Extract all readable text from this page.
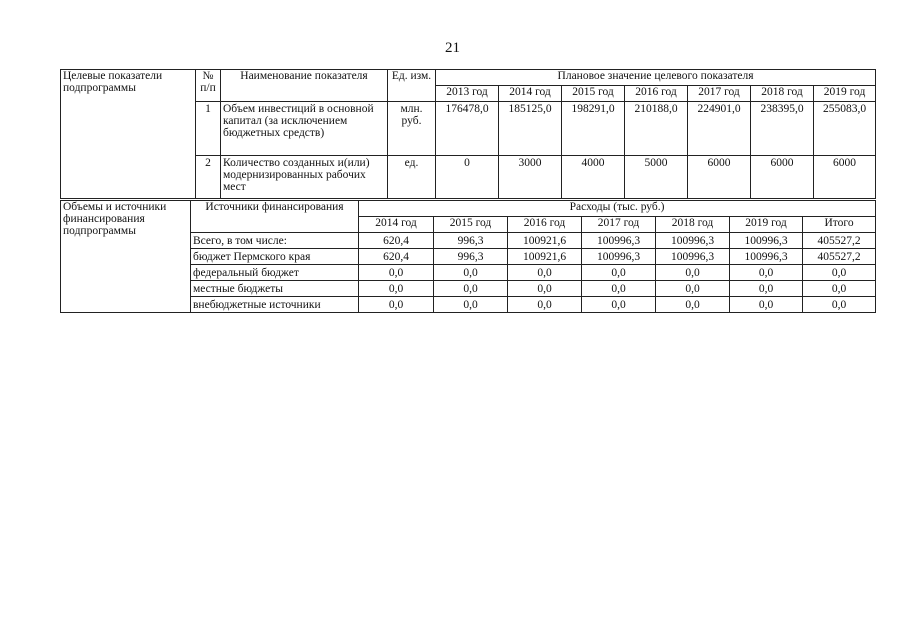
21
Целевые показатели подпрограммы	№ п/п	Наименование показателя	Ед. изм.	Плановое значение целевого показателя						
				2013 год	2014 год	2015 год	2016 год	2017 год	2018 год	2019 год
	1	Объем инвестиций в основной капитал (за исключением бюджетных средств)	млн. руб.	176478,0	185125,0	198291,0	210188,0	224901,0	238395,0	255083,0
	2	Количество созданных и(или) модернизированных рабочих мест	ед.	0	3000	4000	5000	6000	6000	6000
Объемы и источники финансирования подпрограммы	Источники финансирования	Расходы (тыс. руб.)						
		2014 год	2015 год	2016 год	2017 год	2018 год	2019 год	Итого
	Всего, в том числе:	620,4	996,3	100921,6	100996,3	100996,3	100996,3	405527,2
	бюджет Пермского края	620,4	996,3	100921,6	100996,3	100996,3	100996,3	405527,2
	федеральный бюджет	0,0	0,0	0,0	0,0	0,0	0,0	0,0
	местные бюджеты	0,0	0,0	0,0	0,0	0,0	0,0	0,0
	внебюджетные источники	0,0	0,0	0,0	0,0	0,0	0,0	0,0
